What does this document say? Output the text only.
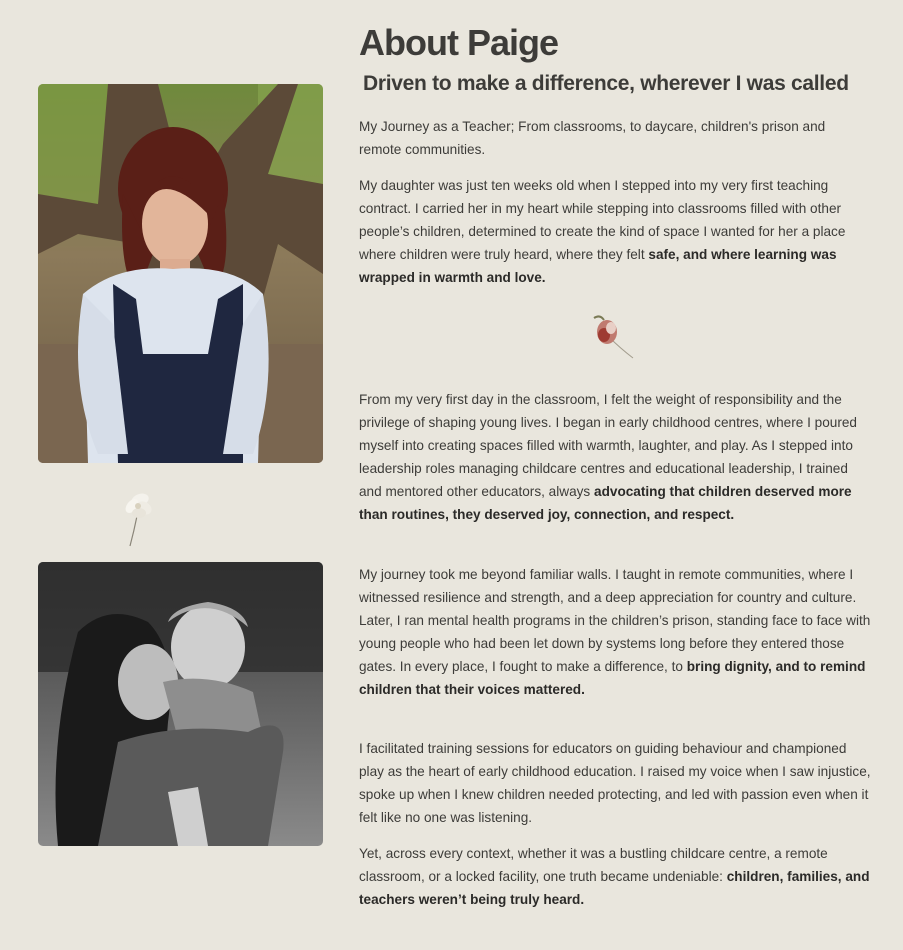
About Paige
Driven to make a difference, wherever I was called

My Journey as a Teacher; From classrooms, to daycare, children's prison and remote communities.

My daughter was just ten weeks old when I stepped into my very first teaching contract. I carried her in my heart while stepping into classrooms filled with other people’s children, determined to create the kind of space I wanted for her a place where children were truly heard, where they felt safe, and where learning was wrapped in warmth and love.

From my very first day in the classroom, I felt the weight of responsibility and the privilege of shaping young lives. I began in early childhood centres, where I poured myself into creating spaces filled with warmth, laughter, and play. As I stepped into leadership roles managing childcare centres and educational leadership, I trained and mentored other educators, always advocating that children deserved more than routines, they deserved joy, connection, and respect.

My journey took me beyond familiar walls. I taught in remote communities, where I witnessed resilience and strength, and a deep appreciation for country and culture. Later, I ran mental health programs in the children’s prison, standing face to face with young people who had been let down by systems long before they entered those gates. In every place, I fought to make a difference, to bring dignity, and to remind children that their voices mattered.

I facilitated training sessions for educators on guiding behaviour and championed play as the heart of early childhood education. I raised my voice when I saw injustice, spoke up when I knew children needed protecting, and led with passion even when it felt like no one was listening.

Yet, across every context, whether it was a bustling childcare centre, a remote classroom, or a locked facility, one truth became undeniable: children, families, and teachers weren’t being truly heard.
